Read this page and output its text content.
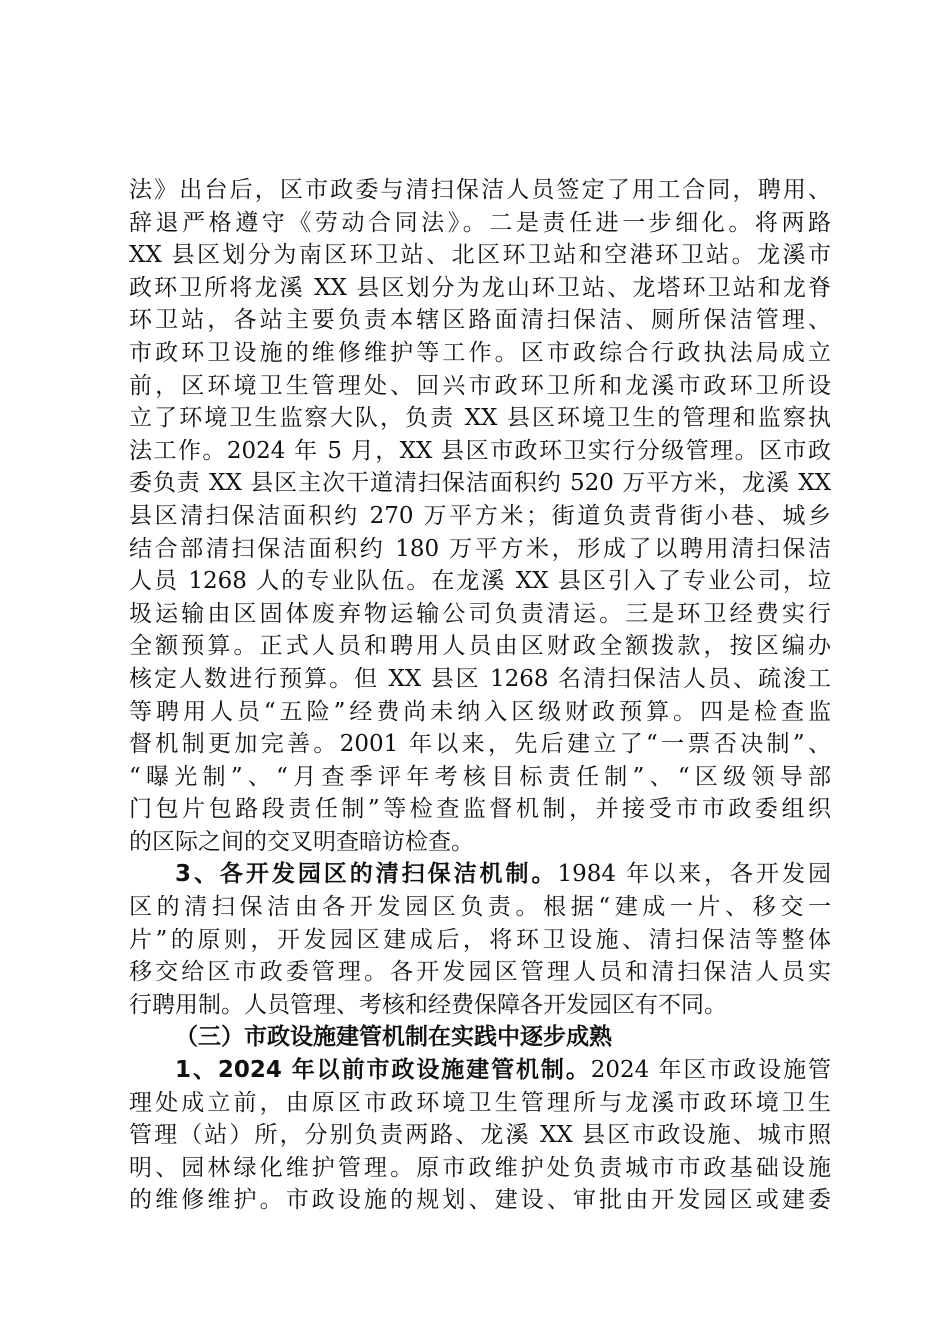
法》出台后，区市政委与清扫保洁人员签定了用工合同，聘用、
辞退严格遵守《劳动合同法》。二是责任进一步细化。将两路
XX 县区划分为南区环卫站、北区环卫站和空港环卫站。龙溪市
政环卫所将龙溪 XX 县区划分为龙山环卫站、龙塔环卫站和龙脊
环卫站，各站主要负责本辖区路面清扫保洁、厕所保洁管理、
市政环卫设施的维修维护等工作。区市政综合行政执法局成立
前，区环境卫生管理处、回兴市政环卫所和龙溪市政环卫所设
立了环境卫生监察大队，负责 XX 县区环境卫生的管理和监察执
法工作。2024 年 5 月，XX 县区市政环卫实行分级管理。区市政
委负责 XX 县区主次干道清扫保洁面积约 520 万平方米，龙溪 XX
县区清扫保洁面积约 270 万平方米；街道负责背街小巷、城乡
结合部清扫保洁面积约 180 万平方米，形成了以聘用清扫保洁
人员 1268 人的专业队伍。在龙溪 XX 县区引入了专业公司，垃
圾运输由区固体废弃物运输公司负责清运。三是环卫经费实行
全额预算。正式人员和聘用人员由区财政全额拨款，按区编办
核定人数进行预算。但 XX 县区 1268 名清扫保洁人员、疏浚工
等聘用人员“五险”经费尚未纳入区级财政预算。四是检查监
督机制更加完善。2001 年以来，先后建立了“一票否决制”、
“曝光制”、“月查季评年考核目标责任制”、“区级领导部
门包片包路段责任制”等检查监督机制，并接受市市政委组织
的区际之间的交叉明查暗访检查。
3、各开发园区的清扫保洁机制。1984 年以来，各开发园
区的清扫保洁由各开发园区负责。根据“建成一片、移交一
片”的原则，开发园区建成后，将环卫设施、清扫保洁等整体
移交给区市政委管理。各开发园区管理人员和清扫保洁人员实
行聘用制。人员管理、考核和经费保障各开发园区有不同。
（三）市政设施建管机制在实践中逐步成熟
1、2024 年以前市政设施建管机制。2024 年区市政设施管
理处成立前，由原区市政环境卫生管理所与龙溪市政环境卫生
管理（站）所，分别负责两路、龙溪 XX 县区市政设施、城市照
明、园林绿化维护管理。原市政维护处负责城市市政基础设施
的维修维护。市政设施的规划、建设、审批由开发园区或建委
